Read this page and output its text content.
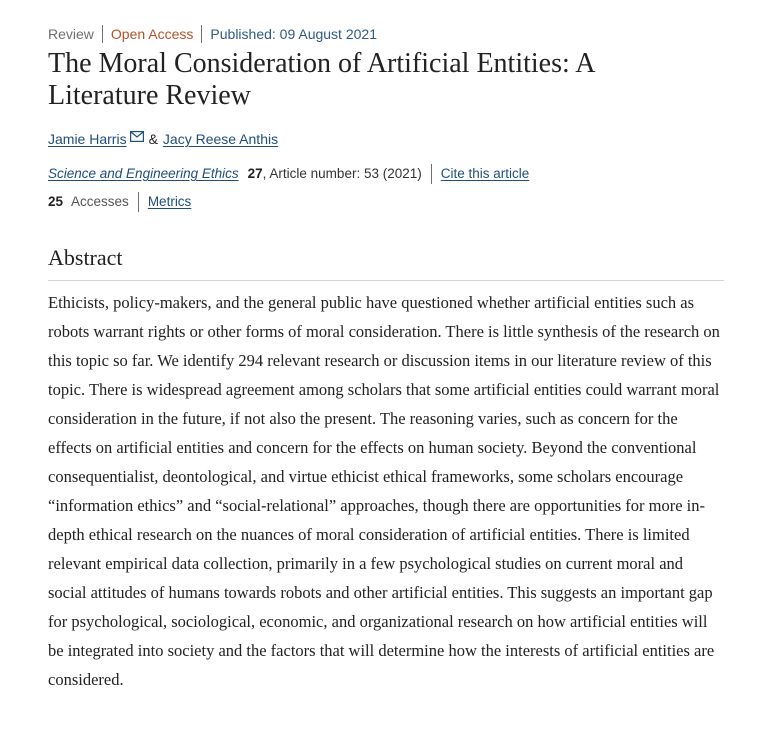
Review Open Access Published: 09 August 2021
The Moral Consideration of Artificial Entities: A Literature Review
Jamie Harris & Jacy Reese Anthis
Science and Engineering Ethics 27 , Article number: 53 (2021) Cite this article
25 Accesses Metrics
Abstract

Ethicists, policy-makers, and the general public have questioned whether artificial entities such as robots warrant rights or other forms of moral consideration. There is little synthesis of the research on this topic so far. We identify 294 relevant research or discussion items in our literature review of this topic. There is widespread agreement among scholars that some artificial entities could warrant moral consideration in the future, if not also the present. The reasoning varies, such as concern for the effects on artificial entities and concern for the effects on human society. Beyond the conventional consequentialist, deontological, and virtue ethicist ethical frameworks, some scholars encourage “information ethics” and “social-relational” approaches, though there are opportunities for more in-depth ethical research on the nuances of moral consideration of artificial entities. There is limited relevant empirical data collection, primarily in a few psychological studies on current moral and social attitudes of humans towards robots and other artificial entities. This suggests an important gap for psychological, sociological, economic, and organizational research on how artificial entities will be integrated into society and the factors that will determine how the interests of artificial entities are considered.
